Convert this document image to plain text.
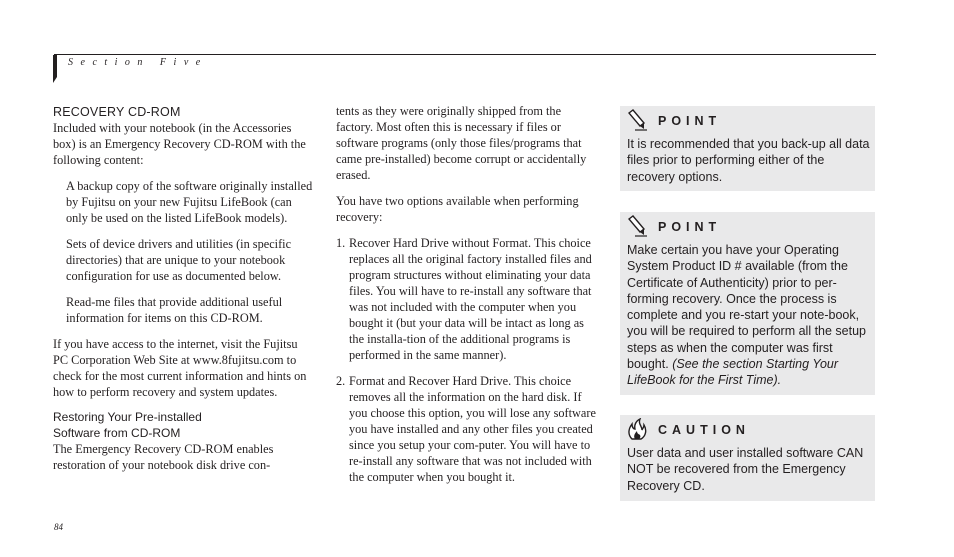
Section Five

RECOVERY CD-ROM

Included with your notebook (in the Accessories box) is an Emergency Recovery CD-ROM with the following content:

A backup copy of the software originally installed by Fujitsu on your new Fujitsu LifeBook (can only be used on the listed LifeBook models).

Sets of device drivers and utilities (in specific directories) that are unique to your notebook configuration for use as documented below.

Read-me files that provide additional useful information for items on this CD-ROM.

If you have access to the internet, visit the Fujitsu PC Corporation Web Site at www.8fujitsu.com to check for the most current information and hints on how to perform recovery and system updates.

Restoring Your Pre-installed
Software from CD-ROM

The Emergency Recovery CD-ROM enables restoration of your notebook disk drive con-

tents as they were originally shipped from the factory. Most often this is necessary if files or software programs (only those files/programs that came pre-installed) become corrupt or accidentally erased.

You have two options available when performing recovery:

1. Recover Hard Drive without Format. This choice replaces all the original factory installed files and program structures without eliminating your data files. You will have to re-install any software that was not included with the computer when you bought it (but your data will be intact as long as the installa-tion of the additional programs is performed in the same manner).
2. Format and Recover Hard Drive. This choice removes all the information on the hard disk. If you choose this option, you will lose any software you have installed and any other files you created since you setup your com-puter. You will have to re-install any software that was not included with the computer when you bought it.
POINT
It is recommended that you back-up all data files prior to performing either of the recovery options.
POINT
Make certain you have your Operating System Product ID # available (from the Certificate of Authenticity) prior to per-forming recovery. Once the process is complete and you re-start your note-book, you will be required to perform all the setup steps as when the computer was first bought. (See the section Starting Your LifeBook for the First Time).
CAUTION
User data and user installed software CAN NOT be recovered from the Emergency Recovery CD.
84
